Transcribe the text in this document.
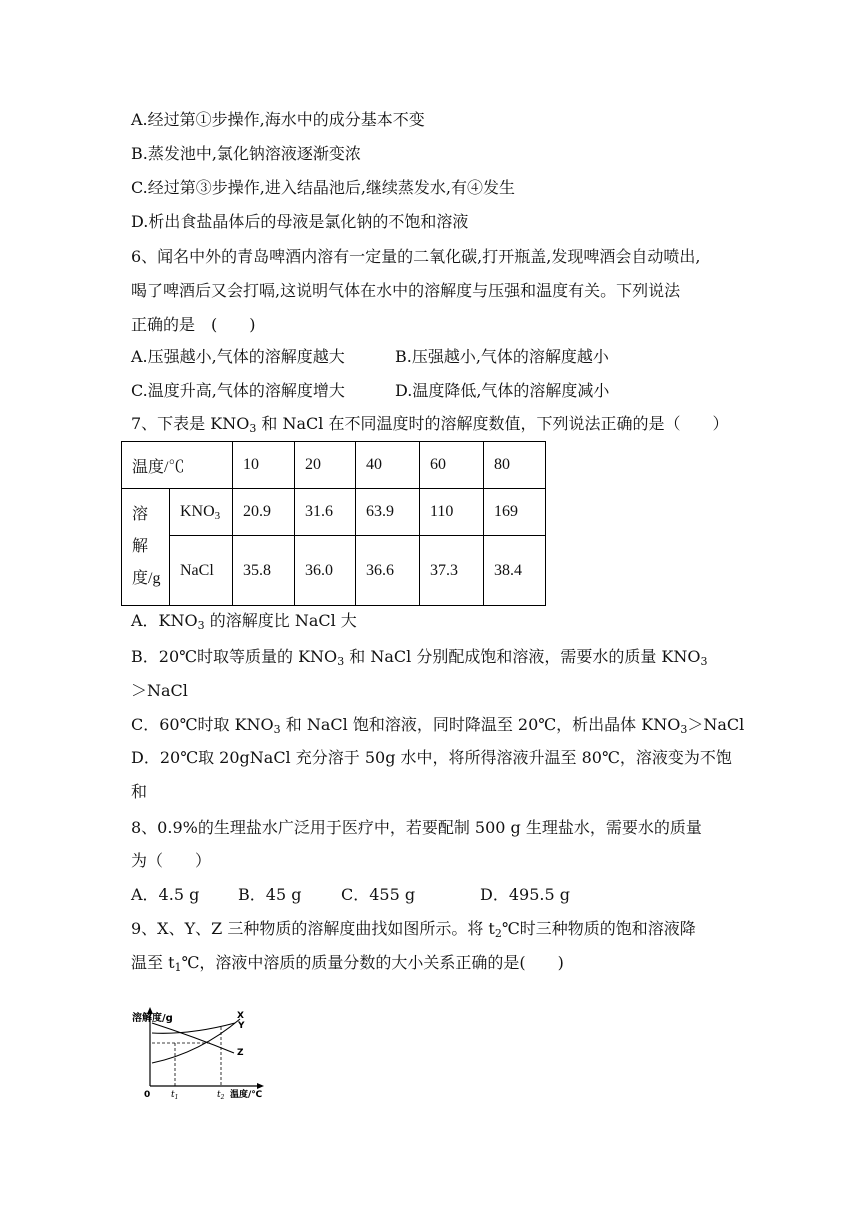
A.经过第①步操作,海水中的成分基本不变
B.蒸发池中,氯化钠溶液逐渐变浓
C.经过第③步操作,进入结晶池后,继续蒸发水,有④发生
D.析出食盐晶体后的母液是氯化钠的不饱和溶液
6、闻名中外的青岛啤酒内溶有一定量的二氧化碳,打开瓶盖,发现啤酒会自动喷出,
喝了啤酒后又会打嗝,这说明气体在水中的溶解度与压强和温度有关。下列说法
正确的是　(　　)
A.压强越小,气体的溶解度越大	B.压强越小,气体的溶解度越小
C.温度升高,气体的溶解度增大	D.温度降低,气体的溶解度减小
7、下表是 $KNO_3$ 和 NaCl 在不同温度时的溶解度数值，下列说法正确的是（　　）
温度/℃		10	20	40	60	80

溶
解
度/g	$KNO_3$	20.9	31.6	63.9	110	169
	NaCl	35.8	36.0	36.6	37.3	38.4
A．$KNO_3$ 的溶解度比 NaCl 大
B．20℃时取等质量的 $KNO_3$ 和 NaCl 分别配成饱和溶液，需要水的质量 $KNO_3$
＞NaCl
C．60℃时取 $KNO_3$ 和 NaCl 饱和溶液，同时降温至 20℃，析出晶体 $KNO_3>NaCl$
D．20℃取 20gNaCl 充分溶于 50g 水中，将所得溶液升温至 80℃，溶液变为不饱
和
8、0.9%的生理盐水广泛用于医疗中，若要配制 500 g 生理盐水，需要水的质量
为（　　）
A．4.5 g B．45 g C．455 g	D．495.5 g
9、X、Y、Z 三种物质的溶解度曲找如图所示。将 $t_2℃$时三种物质的饱和溶液降
温至 $t_1℃$，溶液中溶质的质量分数的大小关系正确的是(　　)
溶解度/g
0 $t_1$	$t_2$ 温度/℃
X
Y
Z
